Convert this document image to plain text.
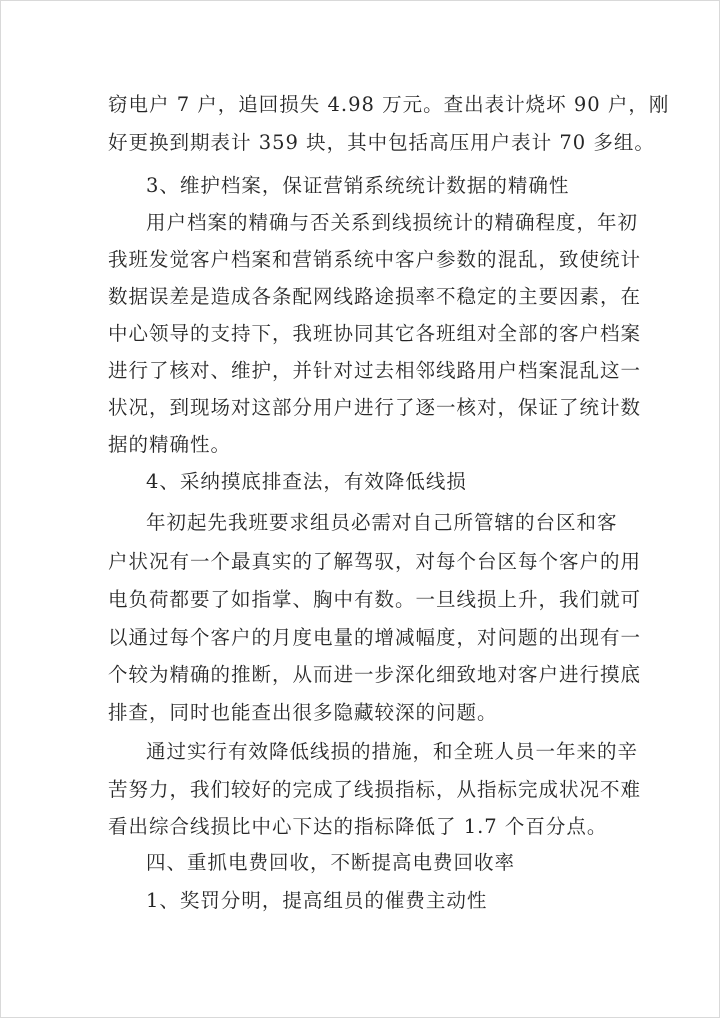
窃电户 7 户，追回损失 4.98 万元。查出表计烧坏 90 户，刚

好更换到期表计 359 块，其中包括高压用户表计 70 多组。

3、维护档案，保证营销系统统计数据的精确性

用户档案的精确与否关系到线损统计的精确程度，年初

我班发觉客户档案和营销系统中客户参数的混乱，致使统计

数据误差是造成各条配网线路途损率不稳定的主要因素，在

中心领导的支持下，我班协同其它各班组对全部的客户档案

进行了核对、维护，并针对过去相邻线路用户档案混乱这一

状况，到现场对这部分用户进行了逐一核对，保证了统计数

据的精确性。

4、采纳摸底排查法，有效降低线损

年初起先我班要求组员必需对自己所管辖的台区和客

户状况有一个最真实的了解驾驭，对每个台区每个客户的用

电负荷都要了如指掌、胸中有数。一旦线损上升，我们就可

以通过每个客户的月度电量的增减幅度，对问题的出现有一

个较为精确的推断，从而进一步深化细致地对客户进行摸底

排查，同时也能查出很多隐藏较深的问题。

通过实行有效降低线损的措施，和全班人员一年来的辛

苦努力，我们较好的完成了线损指标，从指标完成状况不难

看出综合线损比中心下达的指标降低了 1.7 个百分点。

四、重抓电费回收，不断提高电费回收率

1、奖罚分明，提高组员的催费主动性
